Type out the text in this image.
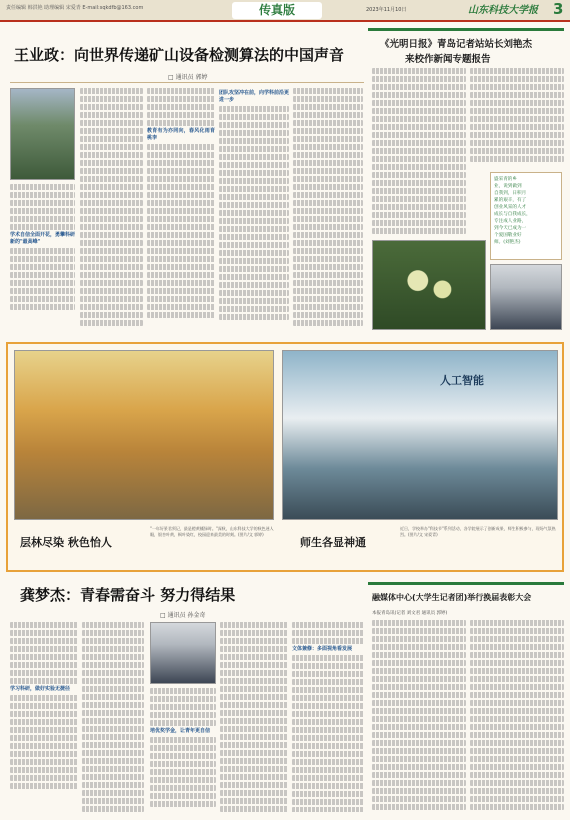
责任编辑 韩洪艳 助理编辑 宋爱青 E-mail:sqkdfb@163.com	传真版	2023年11月10日	山东科技大学报 3
王业政：向世界传递矿山设备检测算法的中国声音
□ 通讯员 郭婷
学术自信全面开花，勇攀科研新的"最高峰"
教育有为亦同向，春风化雨育桃李
团队攻坚冲在前，向学科前沿更进一步
《光明日报》青岛记者站站长刘艳杰
来校作新闻专题报告
盛采青的乡
业，说到做到
自我到，日积月
累的艰辛，有了
创业风采的人才
成长与自我成长，
专注成人业路，
到今天已成为一
个爱国敬业好
师。(刘艳杰)
人工智能
层林尽染 秋色怡人
"一年好景君须记，最是橙黄橘绿时。"深秋，山东科技大学的秋色迷人眼，银杏叶黄，枫叶染红，校园迎来最美的时刻。(图片/文 郭婷)
师生各显神通
近日，学校举办"科技节"系列活动，各学院展示了创新成果，师生积极参与，现场气氛热烈。(图片/文 宋爱青)
龚梦杰：青春需奋斗 努力得结果
□ 通讯员 孙金奇
学习科研，做好实验无捷径
培优奖学金，让青年更自信
文体兼修：多面视角看发展
融媒体中心(大学生记者团)举行换届表彰大会
本报青岛讯(记者 刘文君 通讯员 郭婷)
